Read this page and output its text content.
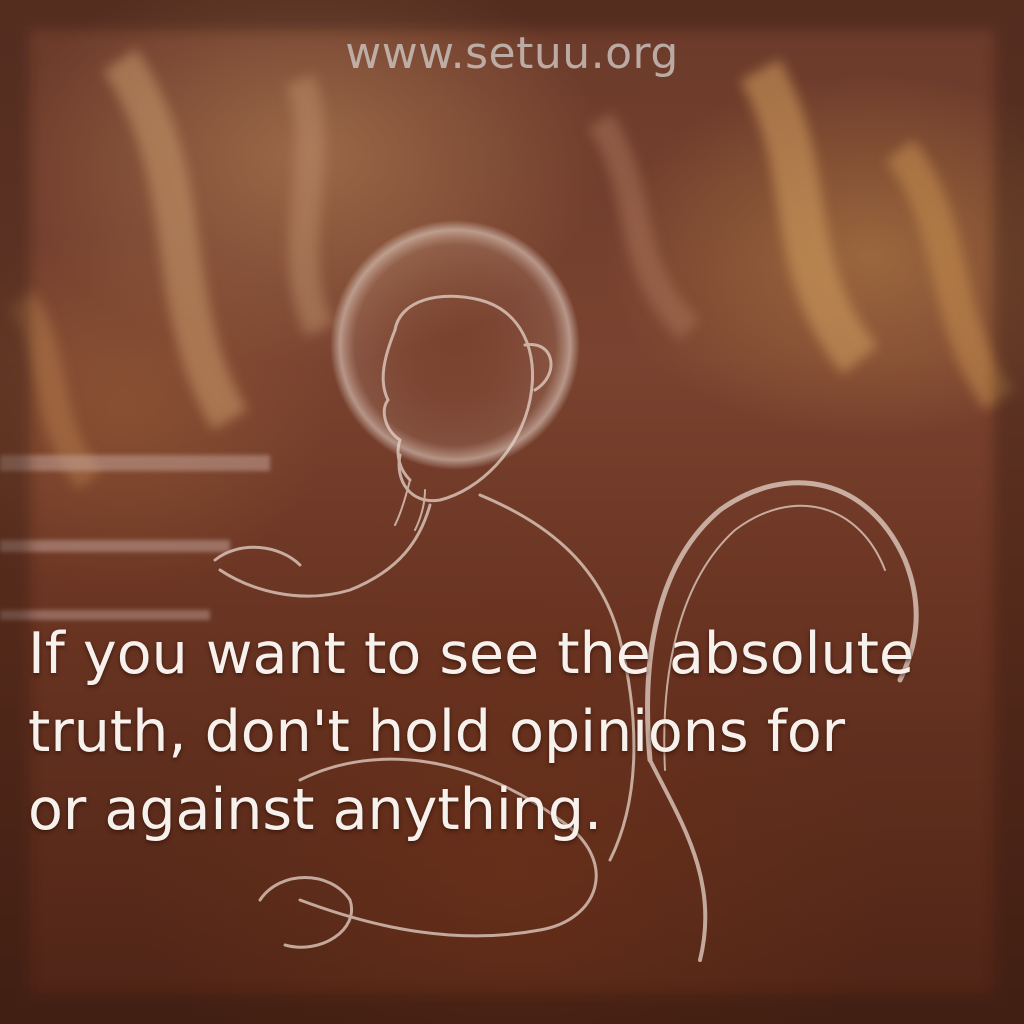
www.setuu.org
If you want to see the absolute
truth, don't hold opinions for
or against anything.
